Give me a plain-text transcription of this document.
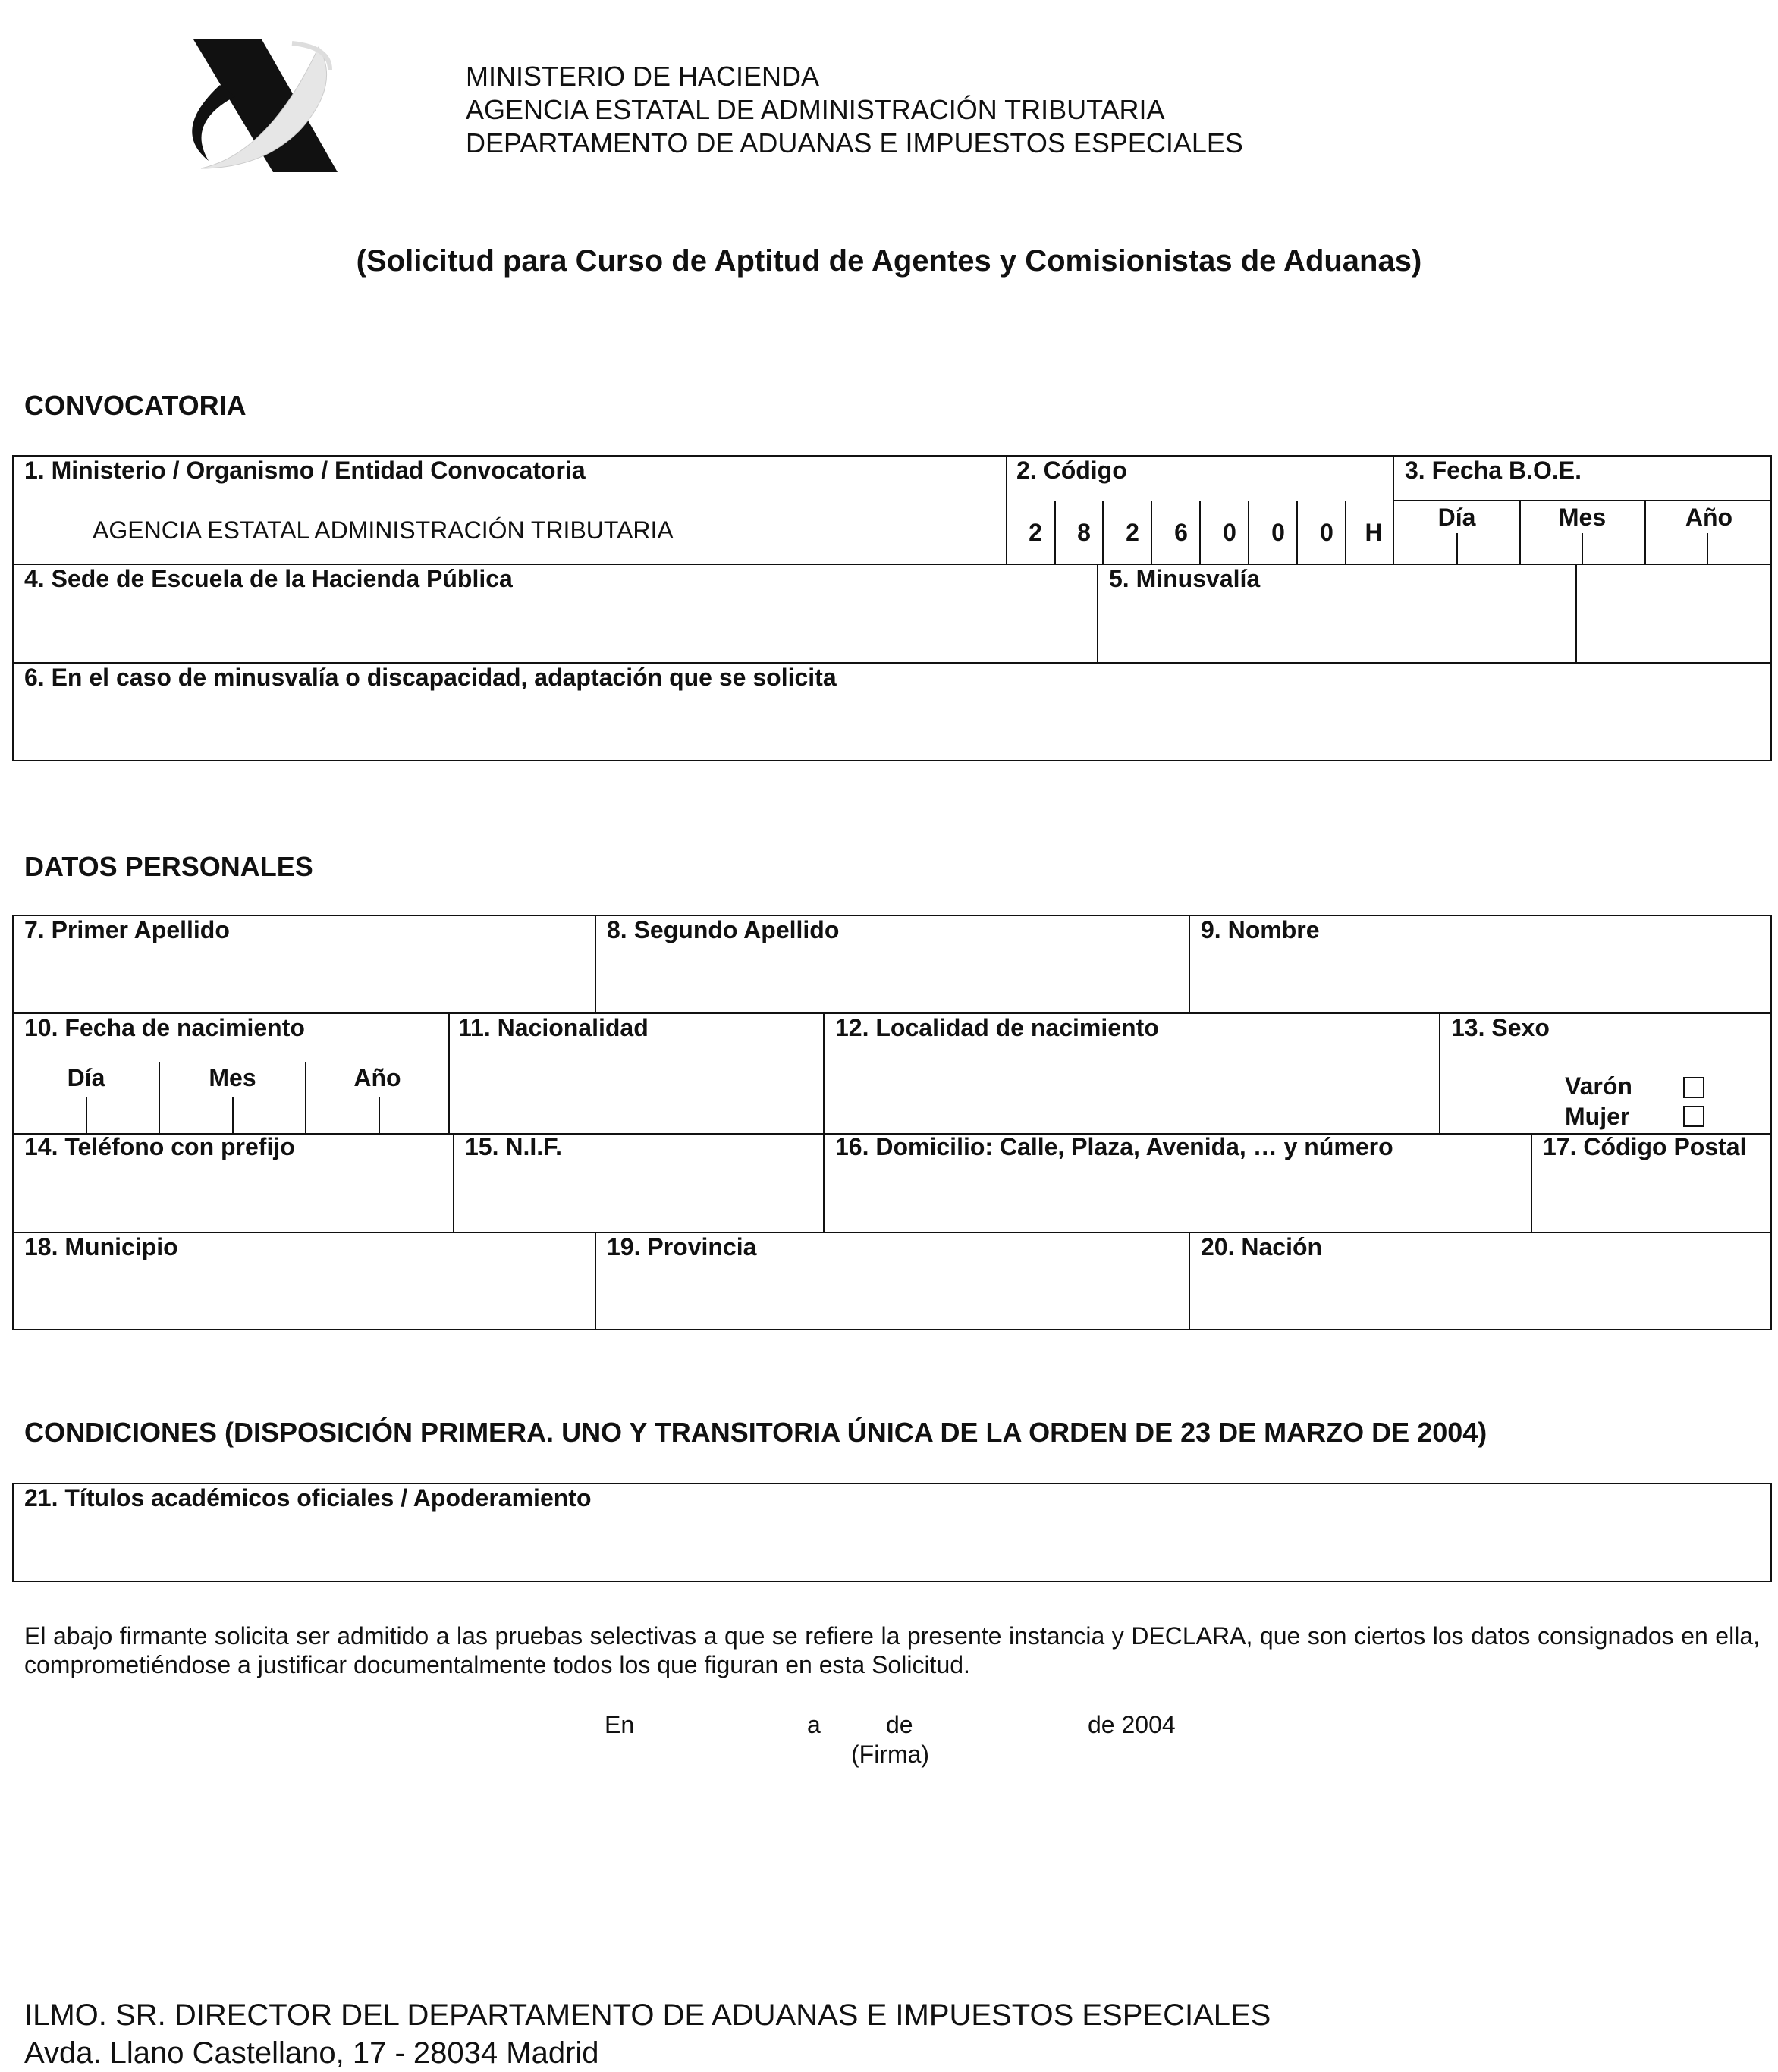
MINISTERIO DE HACIENDA
AGENCIA ESTATAL DE ADMINISTRACIÓN TRIBUTARIA
DEPARTAMENTO DE ADUANAS E IMPUESTOS ESPECIALES
(Solicitud para Curso de Aptitud de Agentes y Comisionistas de Aduanas)
CONVOCATORIA
1. Ministerio / Organismo / Entidad Convocatoria
AGENCIA ESTATAL ADMINISTRACIÓN TRIBUTARIA
2. Código
2	8	2	6	0	0	0	H
3. Fecha B.O.E.
Día	Mes	Año
4. Sede de Escuela de la Hacienda Pública	5. Minusvalía
6. En el caso de minusvalía o discapacidad, adaptación que se solicita
DATOS PERSONALES
7. Primer Apellido	8. Segundo Apellido	9. Nombre
10. Fecha de nacimiento
Día	Mes	Año
11. Nacionalidad	12. Localidad de nacimiento	13. Sexo
Varón
Mujer
14. Teléfono con prefijo	15. N.I.F.	16. Domicilio: Calle, Plaza, Avenida, … y número	17. Código Postal
18. Municipio	19. Provincia	20. Nación
CONDICIONES (DISPOSICIÓN PRIMERA. UNO Y TRANSITORIA ÚNICA DE LA ORDEN DE 23 DE MARZO DE 2004)
21. Títulos académicos oficiales / Apoderamiento
El abajo firmante solicita ser admitido a las pruebas selectivas a que se refiere la presente instancia y DECLARA, que son ciertos los datos consignados en ella, comprometiéndose a justificar documentalmente todos los que figuran en esta Solicitud.
En	a	de	de 2004
(Firma)
ILMO. SR. DIRECTOR DEL DEPARTAMENTO DE ADUANAS E IMPUESTOS ESPECIALES
Avda. Llano Castellano, 17 - 28034 Madrid
